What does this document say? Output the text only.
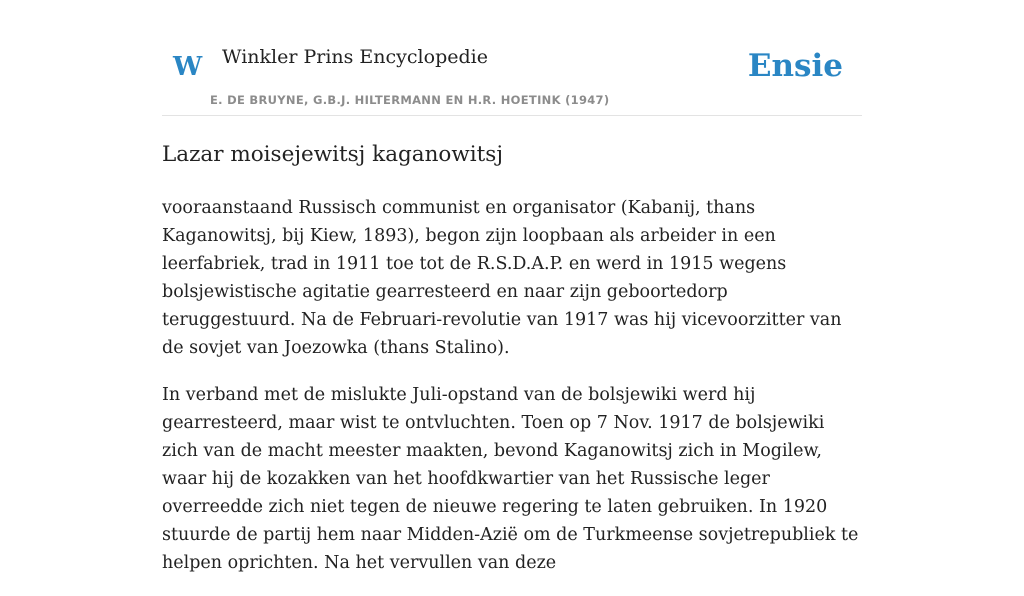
W Winkler Prins Encyclopedie
E. DE BRUYNE, G.B.J. HILTERMANN EN H.R. HOETINK (1947)
Ensie
Lazar moisejewitsj kaganowitsj

vooraanstaand Russisch communist en organisator (Kabanij, thans Kaganowitsj, bij Kiew, 1893), begon zijn loopbaan als arbeider in een leerfabriek, trad in 1911 toe tot de R.S.D.A.P. en werd in 1915 wegens bolsjewistische agitatie gearresteerd en naar zijn geboortedorp teruggestuurd. Na de Februari-revolutie van 1917 was hij vicevoorzitter van de sovjet van Joezowka (thans Stalino).

In verband met de mislukte Juli-opstand van de bolsjewiki werd hij gearresteerd, maar wist te ontvluchten. Toen op 7 Nov. 1917 de bolsjewiki zich van de macht meester maakten, bevond Kaganowitsj zich in Mogilew, waar hij de kozakken van het hoofdkwartier van het Russische leger overreedde zich niet tegen de nieuwe regering te laten gebruiken. In 1920 stuurde de partij hem naar Midden-Azië om de Turkmeense sovjetrepubliek te helpen oprichten. Na het vervullen van deze
